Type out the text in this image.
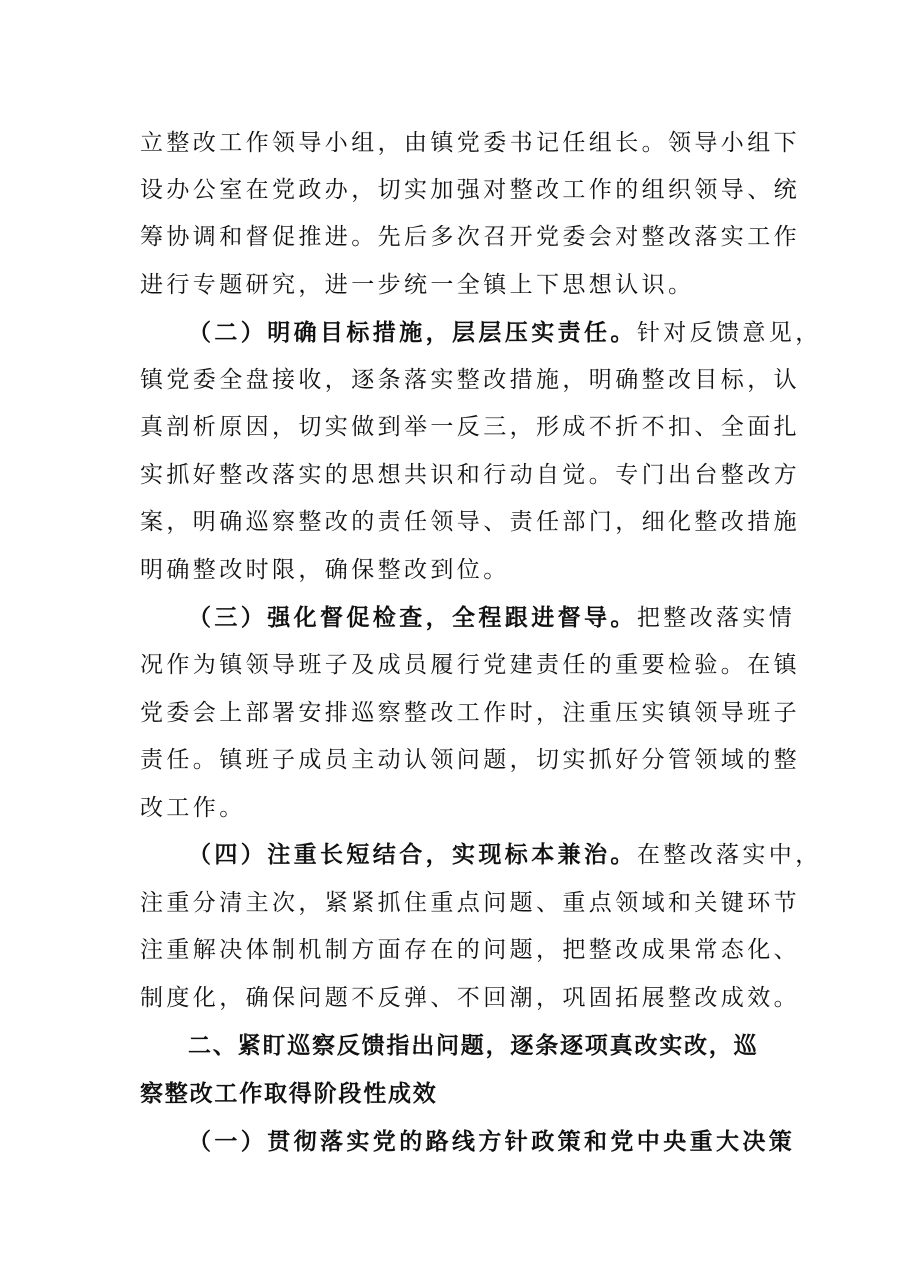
立整改工作领导小组，由镇党委书记任组长。领导小组下
设办公室在党政办，切实加强对整改工作的组织领导、统
筹协调和督促推进。先后多次召开党委会对整改落实工作
进行专题研究，进一步统一全镇上下思想认识。
（二）明确目标措施，层层压实责任。针对反馈意见，
镇党委全盘接收，逐条落实整改措施，明确整改目标，认
真剖析原因，切实做到举一反三，形成不折不扣、全面扎
实抓好整改落实的思想共识和行动自觉。专门出台整改方
案，明确巡察整改的责任领导、责任部门，细化整改措施
明确整改时限，确保整改到位。
（三）强化督促检查，全程跟进督导。把整改落实情
况作为镇领导班子及成员履行党建责任的重要检验。在镇
党委会上部署安排巡察整改工作时，注重压实镇领导班子
责任。镇班子成员主动认领问题，切实抓好分管领域的整
改工作。
（四）注重长短结合，实现标本兼治。在整改落实中，
注重分清主次，紧紧抓住重点问题、重点领域和关键环节
注重解决体制机制方面存在的问题，把整改成果常态化、
制度化，确保问题不反弹、不回潮，巩固拓展整改成效。
二、紧盯巡察反馈指出问题，逐条逐项真改实改，巡
察整改工作取得阶段性成效
（一）贯彻落实党的路线方针政策和党中央重大决策
